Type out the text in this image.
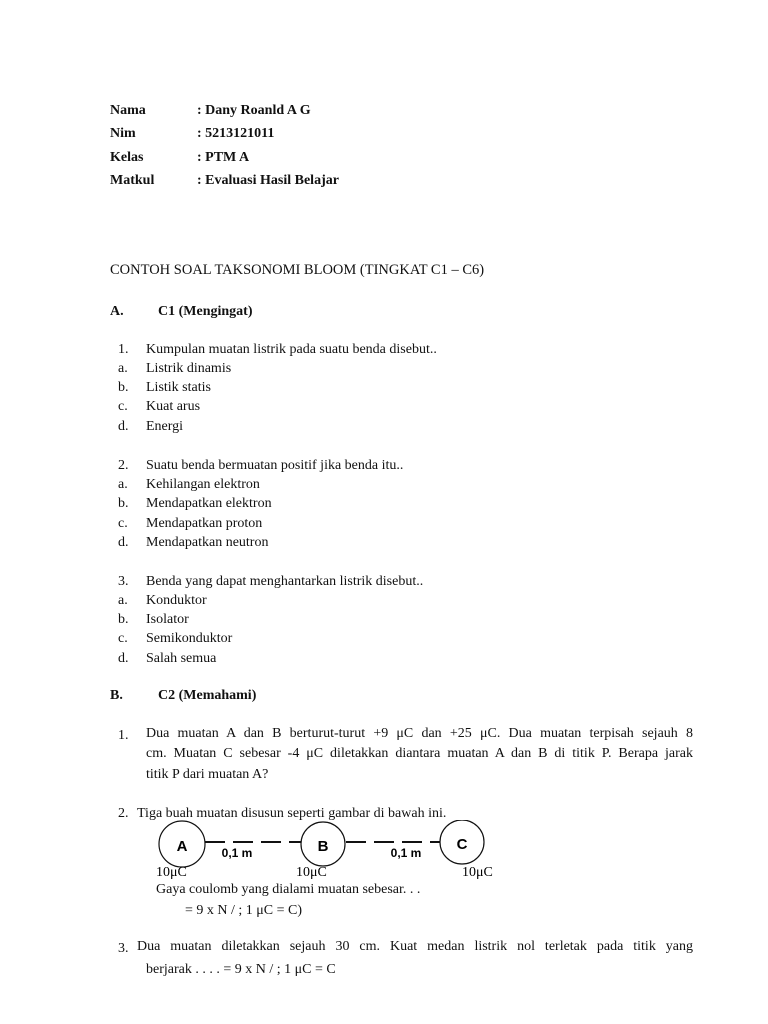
Nama	: Dany Roanld A G
Nim	: 5213121011
Kelas	: PTM A
Matkul	: Evaluasi Hasil Belajar
CONTOH SOAL TAKSONOMI BLOOM (TINGKAT C1 – C6)
A. C1 (Mengingat)
1. Kumpulan muatan listrik pada suatu benda disebut..
a. Listrik dinamis
b. Listik statis
c. Kuat arus
d. Energi
2. Suatu benda bermuatan positif jika benda itu..
a. Kehilangan elektron
b. Mendapatkan elektron
c. Mendapatkan proton
d. Mendapatkan neutron
3. Benda yang dapat menghantarkan listrik disebut..
a. Konduktor
b. Isolator
c. Semikonduktor
d. Salah semua
B.	C2 (Memahami)
1. Dua muatan A dan B berturut-turut +9 μC dan +25 μC. Dua muatan terpisah sejauh 8
cm. Muatan C sebesar -4 μC diletakkan diantara muatan A dan B di titik P. Berapa jarak
titik P dari muatan A?
2. Tiga buah muatan disusun seperti gambar di bawah ini.
A	B	C
0,1 m	0,1 m
10μC	10μC	10μC
Gaya coulomb yang dialami muatan sebesar. . .
= 9 x N / ; 1 μC = C)
3. Dua muatan diletakkan sejauh 30 cm. Kuat medan listrik nol terletak pada titik yang
berjarak . . . . = 9 x N / ; 1 μC = C
